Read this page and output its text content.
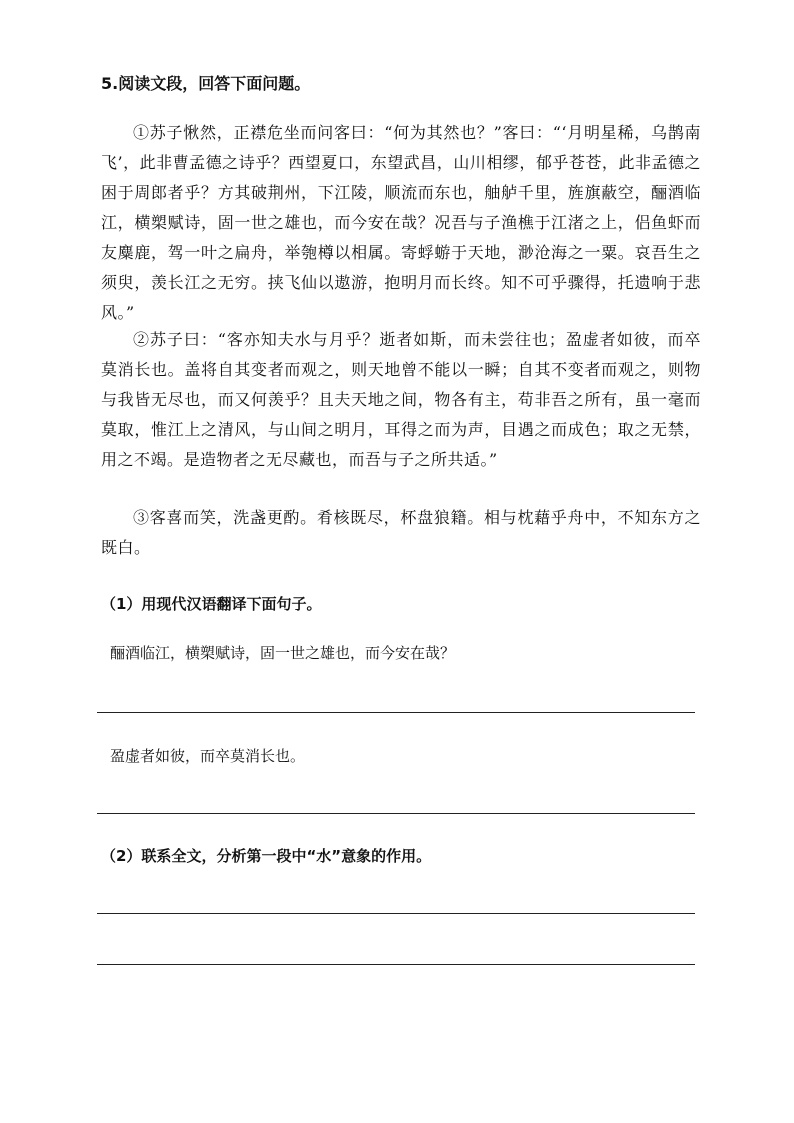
5.阅读文段，回答下面问题。

①苏子愀然，正襟危坐而问客曰：“何为其然也？”客曰：“‘月明星稀，乌鹊南飞’，此非曹孟德之诗乎？西望夏口，东望武昌，山川相缪，郁乎苍苍，此非孟德之困于周郎者乎？方其破荆州，下江陵，顺流而东也，舳舻千里，旌旗蔽空，酾酒临江，横槊赋诗，固一世之雄也，而今安在哉？况吾与子渔樵于江渚之上，侣鱼虾而友麋鹿，驾一叶之扁舟，举匏樽以相属。寄蜉蝣于天地，渺沧海之一粟。哀吾生之须臾，羡长江之无穷。挟飞仙以遨游，抱明月而长终。知不可乎骤得，托遗响于悲风。”

②苏子曰：“客亦知夫水与月乎？逝者如斯，而未尝往也；盈虚者如彼，而卒莫消长也。盖将自其变者而观之，则天地曾不能以一瞬；自其不变者而观之，则物与我皆无尽也，而又何羡乎？且夫天地之间，物各有主，苟非吾之所有，虽一毫而莫取，惟江上之清风，与山间之明月，耳得之而为声，目遇之而成色；取之无禁，用之不竭。是造物者之无尽藏也，而吾与子之所共适。”

③客喜而笑，洗盏更酌。肴核既尽，杯盘狼籍。相与枕藉乎舟中，不知东方之既白。

（1）用现代汉语翻译下面句子。
酾酒临江，横槊赋诗，固一世之雄也，而今安在哉？
盈虚者如彼，而卒莫消长也。
（2）联系全文，分析第一段中“水”意象的作用。
